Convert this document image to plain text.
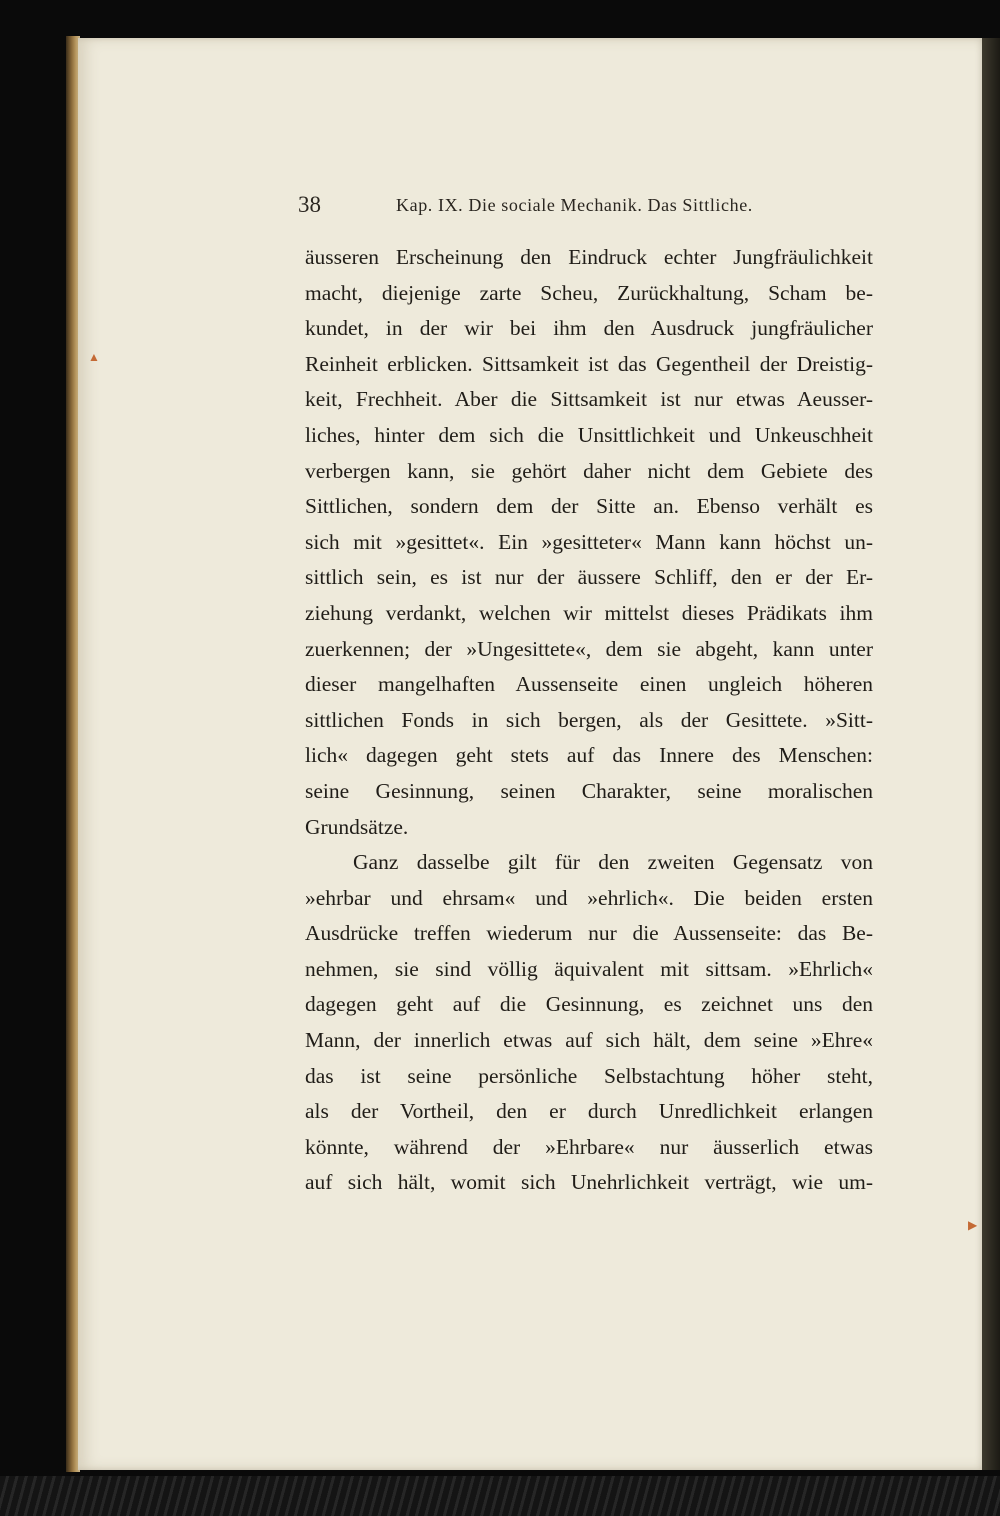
▲
▶
38	Kap. IX. Die sociale Mechanik. Das Sittliche.
äusseren Erscheinung den Eindruck echter Jungfräulichkeit
macht, diejenige zarte Scheu, Zurückhaltung, Scham be-
kundet, in der wir bei ihm den Ausdruck jungfräulicher
Reinheit erblicken. Sittsamkeit ist das Gegentheil der Dreistig-
keit, Frechheit. Aber die Sittsamkeit ist nur etwas Aeusser-
liches, hinter dem sich die Unsittlichkeit und Unkeuschheit
verbergen kann, sie gehört daher nicht dem Gebiete des
Sittlichen, sondern dem der Sitte an. Ebenso verhält es
sich mit »gesittet«. Ein »gesitteter« Mann kann höchst un-
sittlich sein, es ist nur der äussere Schliff, den er der Er-
ziehung verdankt, welchen wir mittelst dieses Prädikats ihm
zuerkennen; der »Ungesittete«, dem sie abgeht, kann unter
dieser mangelhaften Aussenseite einen ungleich höheren
sittlichen Fonds in sich bergen, als der Gesittete. »Sitt-
lich« dagegen geht stets auf das Innere des Menschen:
seine Gesinnung, seinen Charakter, seine moralischen
Grundsätze.
Ganz dasselbe gilt für den zweiten Gegensatz von
»ehrbar und ehrsam« und »ehrlich«. Die beiden ersten
Ausdrücke treffen wiederum nur die Aussenseite: das Be-
nehmen, sie sind völlig äquivalent mit sittsam. »Ehrlich«
dagegen geht auf die Gesinnung, es zeichnet uns den
Mann, der innerlich etwas auf sich hält, dem seine »Ehre«
das ist seine persönliche Selbstachtung höher steht,
als der Vortheil, den er durch Unredlichkeit erlangen
könnte, während der »Ehrbare« nur äusserlich etwas
auf sich hält, womit sich Unehrlichkeit verträgt, wie um-
